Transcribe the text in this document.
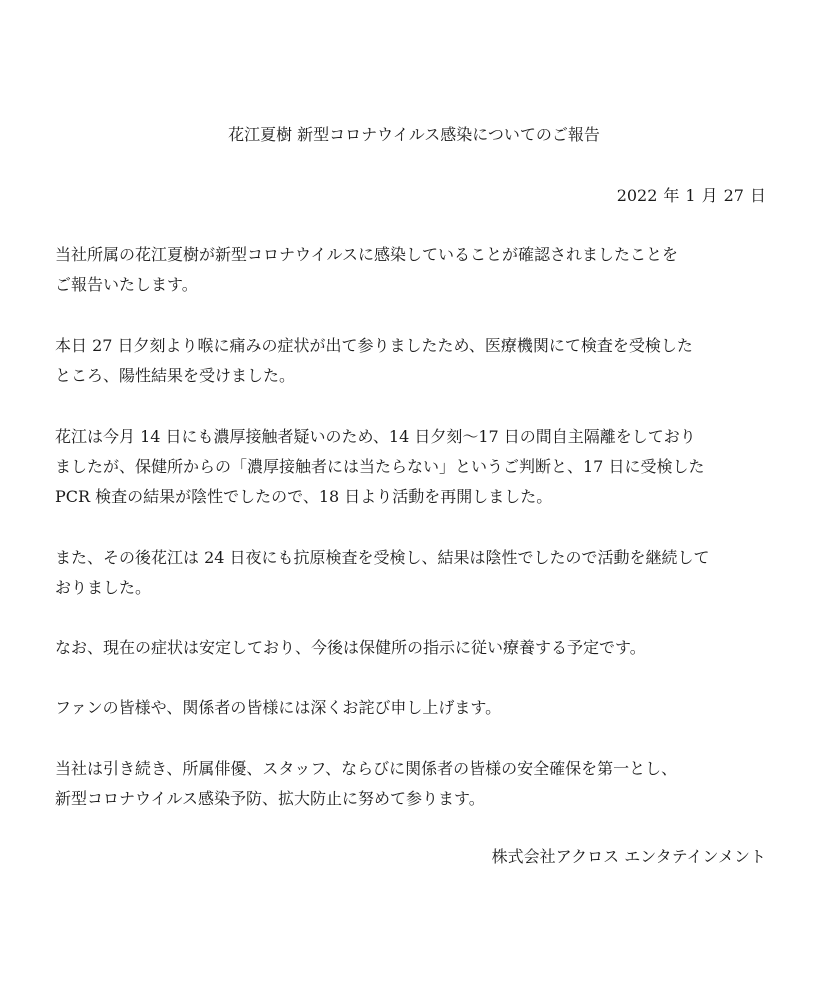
花江夏樹 新型コロナウイルス感染についてのご報告
2022 年 1 月 27 日

当社所属の花江夏樹が新型コロナウイルスに感染していることが確認されましたことを
ご報告いたします。

本日 27 日夕刻より喉に痛みの症状が出て参りましたため、医療機関にて検査を受検した
ところ、陽性結果を受けました。

花江は今月 14 日にも濃厚接触者疑いのため、14 日夕刻～17 日の間自主隔離をしており
ましたが、保健所からの「濃厚接触者には当たらない」というご判断と、17 日に受検した
PCR 検査の結果が陰性でしたので、18 日より活動を再開しました。

また、その後花江は 24 日夜にも抗原検査を受検し、結果は陰性でしたので活動を継続して
おりました。

なお、現在の症状は安定しており、今後は保健所の指示に従い療養する予定です。

ファンの皆様や、関係者の皆様には深くお詫び申し上げます。

当社は引き続き、所属俳優、スタッフ、ならびに関係者の皆様の安全確保を第一とし、
新型コロナウイルス感染予防、拡大防止に努めて参ります。

株式会社アクロス エンタテインメント
